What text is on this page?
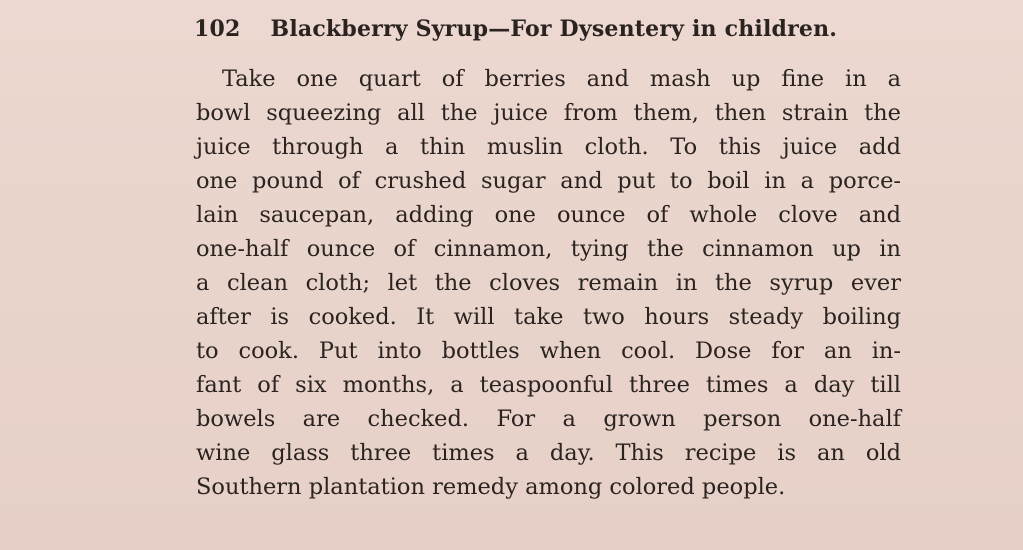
102 Blackberry Syrup—For Dysentery in children.
Take one quart of berries and mash up fine in a
bowl squeezing all the juice from them, then strain the
juice through a thin muslin cloth. To this juice add
one pound of crushed sugar and put to boil in a porce-
lain saucepan, adding one ounce of whole clove and
one-half ounce of cinnamon, tying the cinnamon up in
a clean cloth; let the cloves remain in the syrup ever
after is cooked. It will take two hours steady boiling
to cook. Put into bottles when cool. Dose for an in-
fant of six months, a teaspoonful three times a day till
bowels are checked. For a grown person one-half
wine glass three times a day. This recipe is an old
Southern plantation remedy among colored people.
